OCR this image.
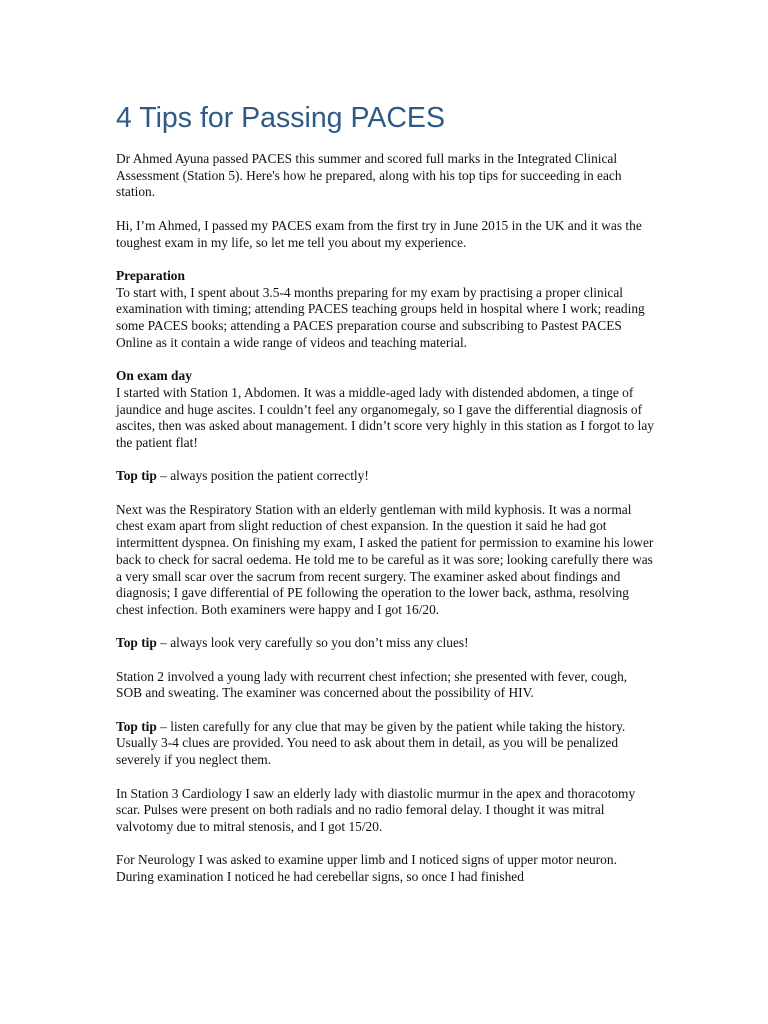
4 Tips for Passing PACES

Dr Ahmed Ayuna passed PACES this summer and scored full marks in the Integrated Clinical Assessment (Station 5). Here's how he prepared, along with his top tips for succeeding in each station.

Hi, I’m Ahmed, I passed my PACES exam from the first try in June 2015 in the UK and it was the toughest exam in my life, so let me tell you about my experience.

Preparation
To start with, I spent about 3.5-4 months preparing for my exam by practising a proper clinical examination with timing; attending PACES teaching groups held in hospital where I work; reading some PACES books; attending a PACES preparation course and subscribing to Pastest PACES Online as it contain a wide range of videos and teaching material.

On exam day
I started with Station 1, Abdomen. It was a middle-aged lady with distended abdomen, a tinge of jaundice and huge ascites. I couldn’t feel any organomegaly, so I gave the differential diagnosis of ascites, then was asked about management. I didn’t score very highly in this station as I forgot to lay the patient flat!

Top tip – always position the patient correctly!

Next was the Respiratory Station with an elderly gentleman with mild kyphosis. It was a normal chest exam apart from slight reduction of chest expansion. In the question it said he had got intermittent dyspnea. On finishing my exam, I asked the patient for permission to examine his lower back to check for sacral oedema. He told me to be careful as it was sore; looking carefully there was a very small scar over the sacrum from recent surgery. The examiner asked about findings and diagnosis; I gave differential of PE following the operation to the lower back, asthma, resolving chest infection. Both examiners were happy and I got 16/20.

Top tip – always look very carefully so you don’t miss any clues!

Station 2 involved a young lady with recurrent chest infection; she presented with fever, cough, SOB and sweating. The examiner was concerned about the possibility of HIV.

Top tip – listen carefully for any clue that may be given by the patient while taking the history. Usually 3-4 clues are provided. You need to ask about them in detail, as you will be penalized severely if you neglect them.

In Station 3 Cardiology I saw an elderly lady with diastolic murmur in the apex and thoracotomy scar. Pulses were present on both radials and no radio femoral delay. I thought it was mitral valvotomy due to mitral stenosis, and I got 15/20.

For Neurology I was asked to examine upper limb and I noticed signs of upper motor neuron. During examination I noticed he had cerebellar signs, so once I had finished
